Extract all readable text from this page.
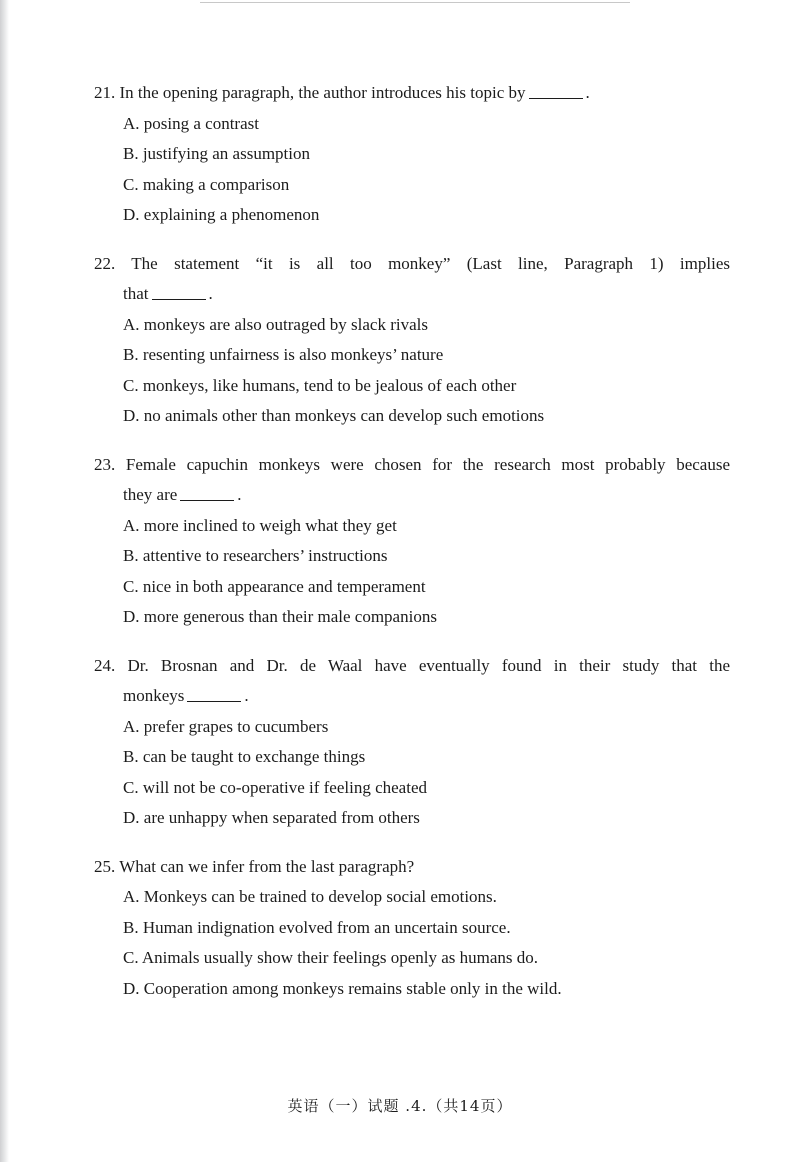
21. In the opening paragraph, the author introduces his topic by	.
A. posing a contrast
B. justifying an assumption
C. making a comparison
D. explaining a phenomenon
22. The statement “it is all too monkey” (Last line, Paragraph 1) implies
that	.
A. monkeys are also outraged by slack rivals
B. resenting unfairness is also monkeys’ nature
C. monkeys, like humans, tend to be jealous of each other
D. no animals other than monkeys can develop such emotions
23. Female capuchin monkeys were chosen for the research most probably because
they are	.
A. more inclined to weigh what they get
B. attentive to researchers’ instructions
C. nice in both appearance and temperament
D. more generous than their male companions
24. Dr. Brosnan and Dr. de Waal have eventually found in their study that the
monkeys	.
A. prefer grapes to cucumbers
B. can be taught to exchange things
C. will not be co-operative if feeling cheated
D. are unhappy when separated from others
25. What can we infer from the last paragraph?
A. Monkeys can be trained to develop social emotions.
B. Human indignation evolved from an uncertain source.
C. Animals usually show their feelings openly as humans do.
D. Cooperation among monkeys remains stable only in the wild.
英语（一）试题 .4.（共14页）
